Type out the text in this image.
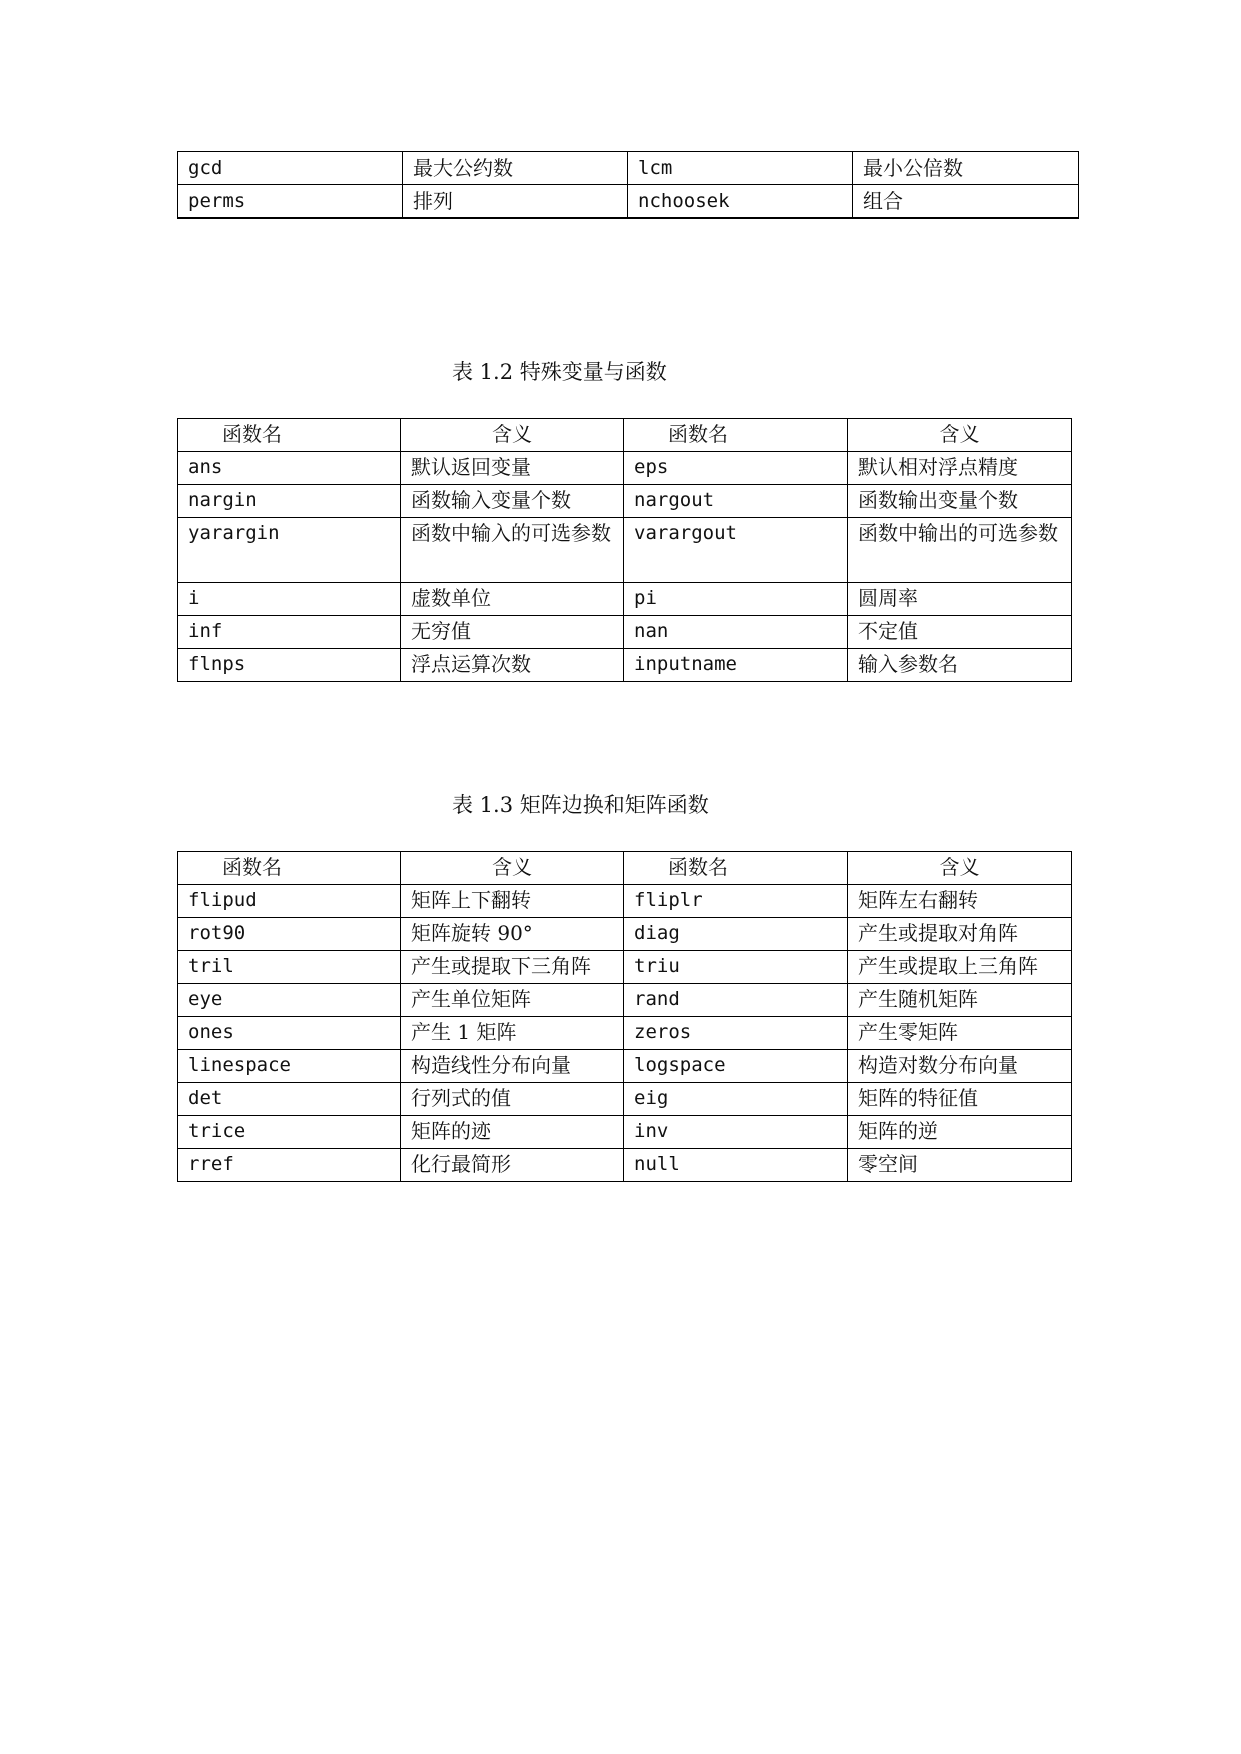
gcd	最大公约数	lcm	最小公倍数
perms	排列	nchoosek	组合
表 1.2 特殊变量与函数
函数名	含义	函数名	含义
ans	默认返回变量	eps	默认相对浮点精度
nargin	函数输入变量个数	nargout	函数输出变量个数
yarargin	函数中输入的可选参数	varargout	函数中输出的可选参数
i	虚数单位	pi	圆周率
inf	无穷值	nan	不定值
flnps	浮点运算次数	inputname	输入参数名
表 1.3 矩阵边换和矩阵函数
函数名	含义	函数名	含义
flipud	矩阵上下翻转	fliplr	矩阵左右翻转
rot90	矩阵旋转 90°	diag	产生或提取对角阵
tril	产生或提取下三角阵	triu	产生或提取上三角阵
eye	产生单位矩阵	rand	产生随机矩阵
ones	产生 1 矩阵	zeros	产生零矩阵
linespace	构造线性分布向量	logspace	构造对数分布向量
det	行列式的值	eig	矩阵的特征值
trice	矩阵的迹	inv	矩阵的逆
rref	化行最简形	null	零空间
